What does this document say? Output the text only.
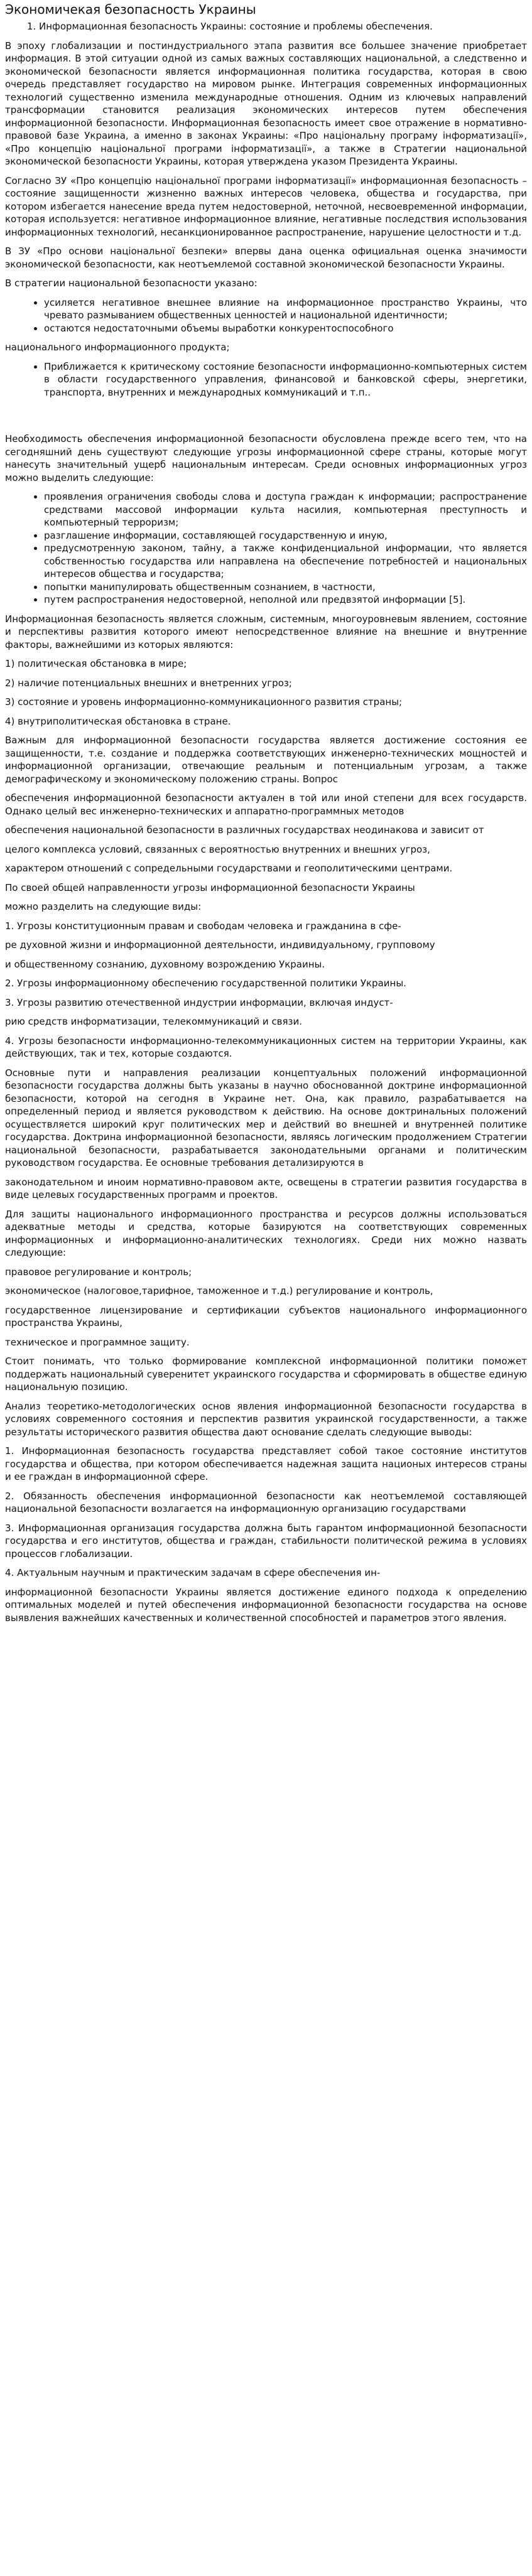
Экономичекая безопасность Украины
1. Информационная безопасность Украины: состояние и проблемы обеспечения.

В эпоху глобализации и постиндустриального этапа развития все большее значение приобретает информация. В этой ситуации одной из самых важных составляющих национальной, а следственно и экономической безопасности является информационная политика государства, которая в свою очередь представляет государство на мировом рынке. Интеграция современных информационных технологий существенно изменила международные отношения. Одним из ключевых направлений трансформации становится реализация экономических интересов путем обеспечения информационной безопасности. Информационная безопасность имеет свое отражение в нормативно-правовой базе Украина, а именно в законах Украины: «Про національну програму інформатизації», «Про концепцію національної програми інформатизації», а также в Стратегии национальной экономической безопасности Украины, которая утверждена указом Президента Украины.

Согласно ЗУ «Про концепцію національної програми інформатизації» информационная безопасность – состояние защищенности жизненно важных интересов человека, общества и государства, при котором избегается нанесение вреда путем недостоверной, неточной, несвоевременной информации, которая используется: негативное информационное влияние, негативные последствия использования информационных технологий, несанкционированное распространение, нарушение целостности и т.д.

В ЗУ «Про основи національної безпеки» впервы дана оценка официальная оценка значимости экономической безопасности, как неотъемлемой составной экономической безопасности Украины.

В стратегии национальной безопасности указано:

• усиляется негативное внешнее влияние на информационное пространство Украины, что чревато размыванием общественных ценностей и национальной идентичности;
• остаются недостаточными объемы выработки конкурентоспособного

национального информационного продукта;

• Приближается к критическому состояние безопасности информационно-компьютерных систем в области государственного управления, финансовой и банковской сферы, энергетики, транспорта, внутренних и международных коммуникаций и т.п..

Необходимость обеспечения информационной безопасности обусловлена прежде всего тем, что на сегодняшний день существуют следующие угрозы информационной сфере страны, которые могут нанесуть значительный ущерб национальным интересам. Среди основных информационных угроз можно выделить следующие:

• проявления ограничения свободы слова и доступа граждан к информации; распространение средствами массовой информации культа насилия, компьютерная преступность и компьютерный терроризм;
• разглашение информации, составляющей государственную и иную,
• предусмотренную законом, тайну, а также конфиденциальной информации, что является собственностью государства или направлена на обеспечение потребностей и национальных интересов общества и государства;
• попытки манипулировать общественным сознанием, в частности,
• путем распространения недостоверной, неполной или предвзятой информации [5].

Информационная безопасность является сложным, системным, многоуровневым явлением, состояние и перспективы развития которого имеют непосредственное влияние на внешние и внутренние факторы, важнейшими из которых являются:

1) политическая обстановка в мире;

2) наличие потенциальных внешних и внетренних угроз;

3) состояние и уровень информационно-коммуникационного развития страны;

4) внутриполитическая обстановка в стране.

Важным для информационной безопасности государства является достижение состояния ее защищенности, т.е. создание и поддержка соответствующих инженерно-технических мощностей и информационной организации, отвечающие реальным и потенциальным угрозам, а также демографическому и экономическому положению страны. Вопрос

обеспечения информационной безопасности актуален в той или иной степени для всех государств. Однако целый вес инженерно-технических и аппаратно-программных методов

обеспечения национальной безопасности в различных государствах неодинакова и зависит от

целого комплекса условий, связанных с вероятностью внутренних и внешних угроз,

характером отношений с сопредельными государствами и геополитическими центрами.

По своей общей направленности угрозы информационной безопасности Украины

можно разделить на следующие виды:

1. Угрозы конституционным правам и свободам человека и гражданина в сфе-

ре духовной жизни и информационной деятельности, индивидуальному, групповому

и общественному сознанию, духовному возрождению Украины.

2. Угрозы информационному обеспечению государственной политики Украины.

3. Угрозы развитию отечественной индустрии информации, включая индуст-

рию средств информатизации, телекоммуникаций и связи.

4. Угрозы безопасности информационно-телекоммуникационных систем на территории Украины, как действующих, так и тех, которые создаются.

Основные пути и направления реализации концептуальных положений информационной безопасности государства должны быть указаны в научно обоснованной доктрине информационной безопасности, которой на сегодня в Украине нет. Она, как правило, разрабатывается на определенный период и является руководством к действию. На основе доктринальных положений осуществляется широкий круг политических мер и действий во внешней и внутренней политике государства. Доктрина информационной безопасности, являясь логическим продолжением Стратегии национальной безопасности, разрабатывается законодательными органами и политическим руководством государства. Ее основные требования детализируются в

законодательном и иноим нормативно-правовом акте, освещены в стратегии развития государства в виде целевых государственных программ и проектов.

Для защиты национального информационного пространства и ресурсов должны использоваться адекватные методы и средства, которые базируются на соответствующих современных информационных и информационно-аналитических технологиях. Среди них можно назвать следующие:

правовое регулирование и контроль;

экономическое (налоговое,тарифное, таможенное и т.д.) регулирование и контроль,

государственное лицензирование и сертификации субъектов национального информационного пространства Украины,

техническое и программное защиту.

Стоит понимать, что только формирование комплексной информационной политики поможет поддержать национальный суверенитет украинского государства и сформировать в обществе единую национальную позицию.

Анализ теоретико-методологических основ явления информационной безопасности государства в условиях современного состояния и перспектив развития украинской государственности, а также результаты исторического развития общества дают основание сделать следующие выводы:

1. Информационная безопасность государства представляет собой такое состояние институтов государства и общества, при котором обеспечивается надежная защита национых интересов страны и ее граждан в информационной сфере.

2. Обязанность обеспечения информационной безопасности как неотъемлемой составляющей национальной безопасности возлагается на информационную организацию государствами

3. Информационная организация государства должна быть гарантом информационной безопасности государства и его институтов, общества и граждан, стабильности политической режима в условиях процессов глобализации.

4. Актуальным научным и практическим задачам в сфере обеспечения ин-

информационной безопасности Украины является достижение единого подхода к определению оптимальных моделей и путей обеспечения информационной безопасности государства на основе выявления важнейших качественных и количественной способностей и параметров этого явления.
